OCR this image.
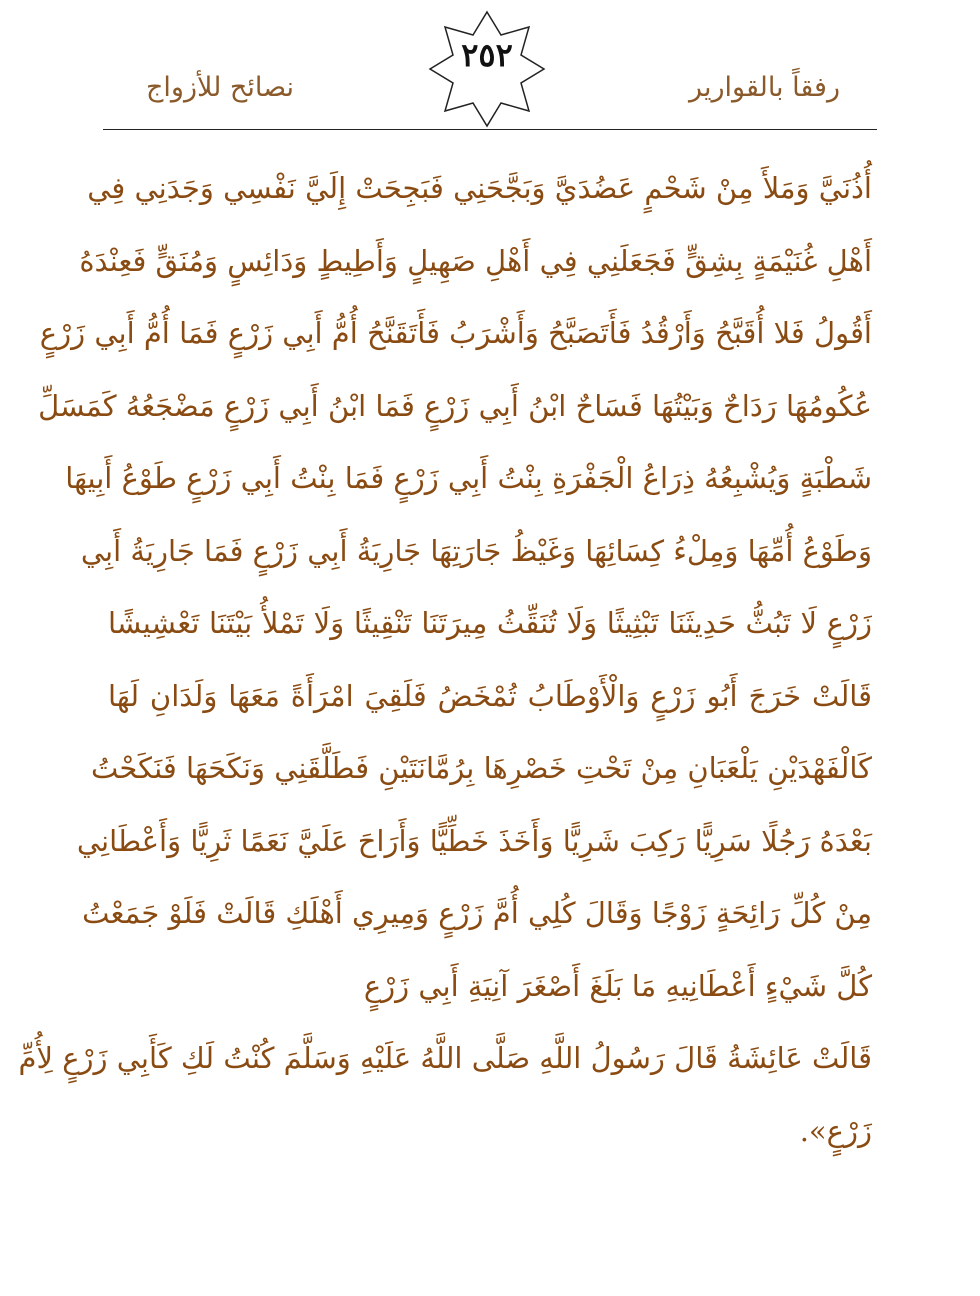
رفقاً بالقوارير
٢٥٢
نصائح للأزواج
أُذُنَيَّ وَمَلأَ مِنْ شَحْمٍ عَضُدَيَّ وَبَجَّحَنِي فَبَجِحَتْ إِلَيَّ نَفْسِي وَجَدَنِي فِي
أَهْلِ غُنَيْمَةٍ بِشِقٍّ فَجَعَلَنِي فِي أَهْلِ صَهِيلٍ وَأَطِيطٍ وَدَائِسٍ وَمُنَقٍّ فَعِنْدَهُ
أَقُولُ فَلا أُقَبَّحُ وَأَرْقُدُ فَأَتَصَبَّحُ وَأَشْرَبُ فَأَتَقَنَّحُ أُمُّ أَبِي زَرْعٍ فَمَا أُمُّ أَبِي زَرْعٍ
عُكُومُهَا رَدَاحٌ وَبَيْتُهَا فَسَاحٌ ابْنُ أَبِي زَرْعٍ فَمَا ابْنُ أَبِي زَرْعٍ مَضْجَعُهُ كَمَسَلِّ
شَطْبَةٍ وَيُشْبِعُهُ ذِرَاعُ الْجَفْرَةِ بِنْتُ أَبِي زَرْعٍ فَمَا بِنْتُ أَبِي زَرْعٍ طَوْعُ أَبِيهَا
وَطَوْعُ أُمِّهَا وَمِلْءُ كِسَائِهَا وَغَيْظُ جَارَتِهَا جَارِيَةُ أَبِي زَرْعٍ فَمَا جَارِيَةُ أَبِي
زَرْعٍ لَا تَبُثُّ حَدِيثَنَا تَبْثِيثًا وَلَا تُنَقِّثُ مِيرَتَنَا تَنْقِيثًا وَلَا تَمْلأُ بَيْتَنَا تَعْشِيشًا
قَالَتْ خَرَجَ أَبُو زَرْعٍ وَالْأَوْطَابُ تُمْخَضُ فَلَقِيَ امْرَأَةً مَعَهَا وَلَدَانِ لَهَا
كَالْفَهْدَيْنِ يَلْعَبَانِ مِنْ تَحْتِ خَصْرِهَا بِرُمَّانَتَيْنِ فَطَلَّقَنِي وَنَكَحَهَا فَنَكَحْتُ
بَعْدَهُ رَجُلًا سَرِيًّا رَكِبَ شَرِيًّا وَأَخَذَ خَطِّيًّا وَأَرَاحَ عَلَيَّ نَعَمًا ثَرِيًّا وَأَعْطَانِي
مِنْ كُلِّ رَائِحَةٍ زَوْجًا وَقَالَ كُلِي أُمَّ زَرْعٍ وَمِيرِي أَهْلَكِ قَالَتْ فَلَوْ جَمَعْتُ
كُلَّ شَيْءٍ أَعْطَانِيهِ مَا بَلَغَ أَصْغَرَ آنِيَةِ أَبِي زَرْعٍ
قَالَتْ عَائِشَةُ قَالَ رَسُولُ اللَّهِ صَلَّى اللَّهُ عَلَيْهِ وَسَلَّمَ كُنْتُ لَكِ كَأَبِي زَرْعٍ لِأُمِّ
زَرْعٍ».
